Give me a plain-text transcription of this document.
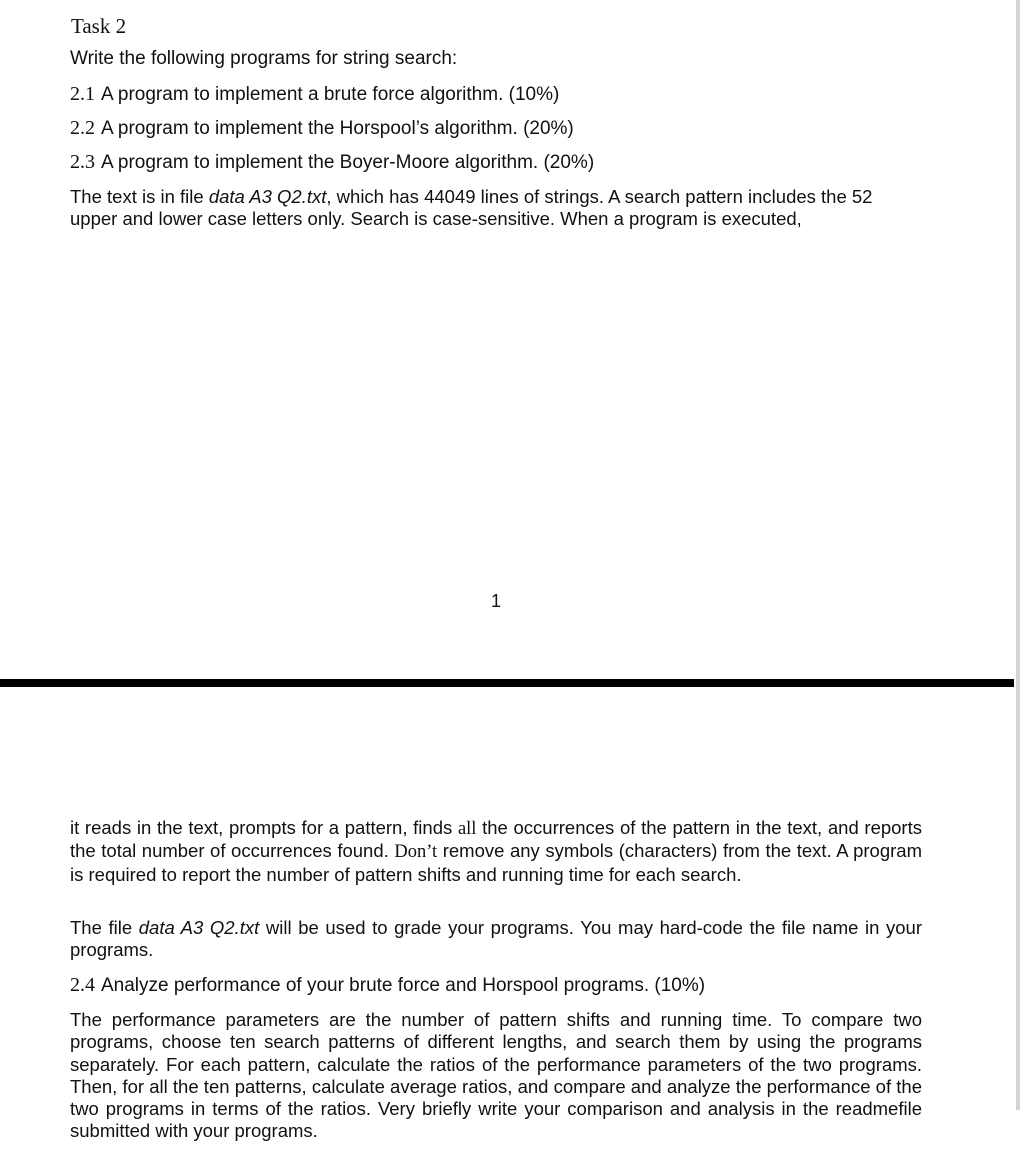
Task 2
Write the following programs for string search:
2.1 A program to implement a brute force algorithm. (10%)
2.2 A program to implement the Horspool’s algorithm. (20%)
2.3 A program to implement the Boyer-Moore algorithm. (20%)
The text is in file data A3 Q2.txt, which has 44049 lines of strings. A search pattern includes the 52
upper and lower case letters only. Search is case-sensitive. When a program is executed,
1
it reads in the text, prompts for a pattern, finds all the occurrences of the pattern in the text, and reports the total number of occurrences found. Don’t remove any symbols (characters) from the text. A program is required to report the number of pattern shifts and running time for each search.
The file data A3 Q2.txt will be used to grade your programs. You may hard-code the file name in your programs.
2.4 Analyze performance of your brute force and Horspool programs. (10%)
The performance parameters are the number of pattern shifts and running time. To compare two programs, choose ten search patterns of different lengths, and search them by using the programs separately. For each pattern, calculate the ratios of the performance parameters of the two programs. Then, for all the ten patterns, calculate average ratios, and compare and analyze the performance of the two programs in terms of the ratios. Very briefly write your comparison and analysis in the readmefile submitted with your programs.
